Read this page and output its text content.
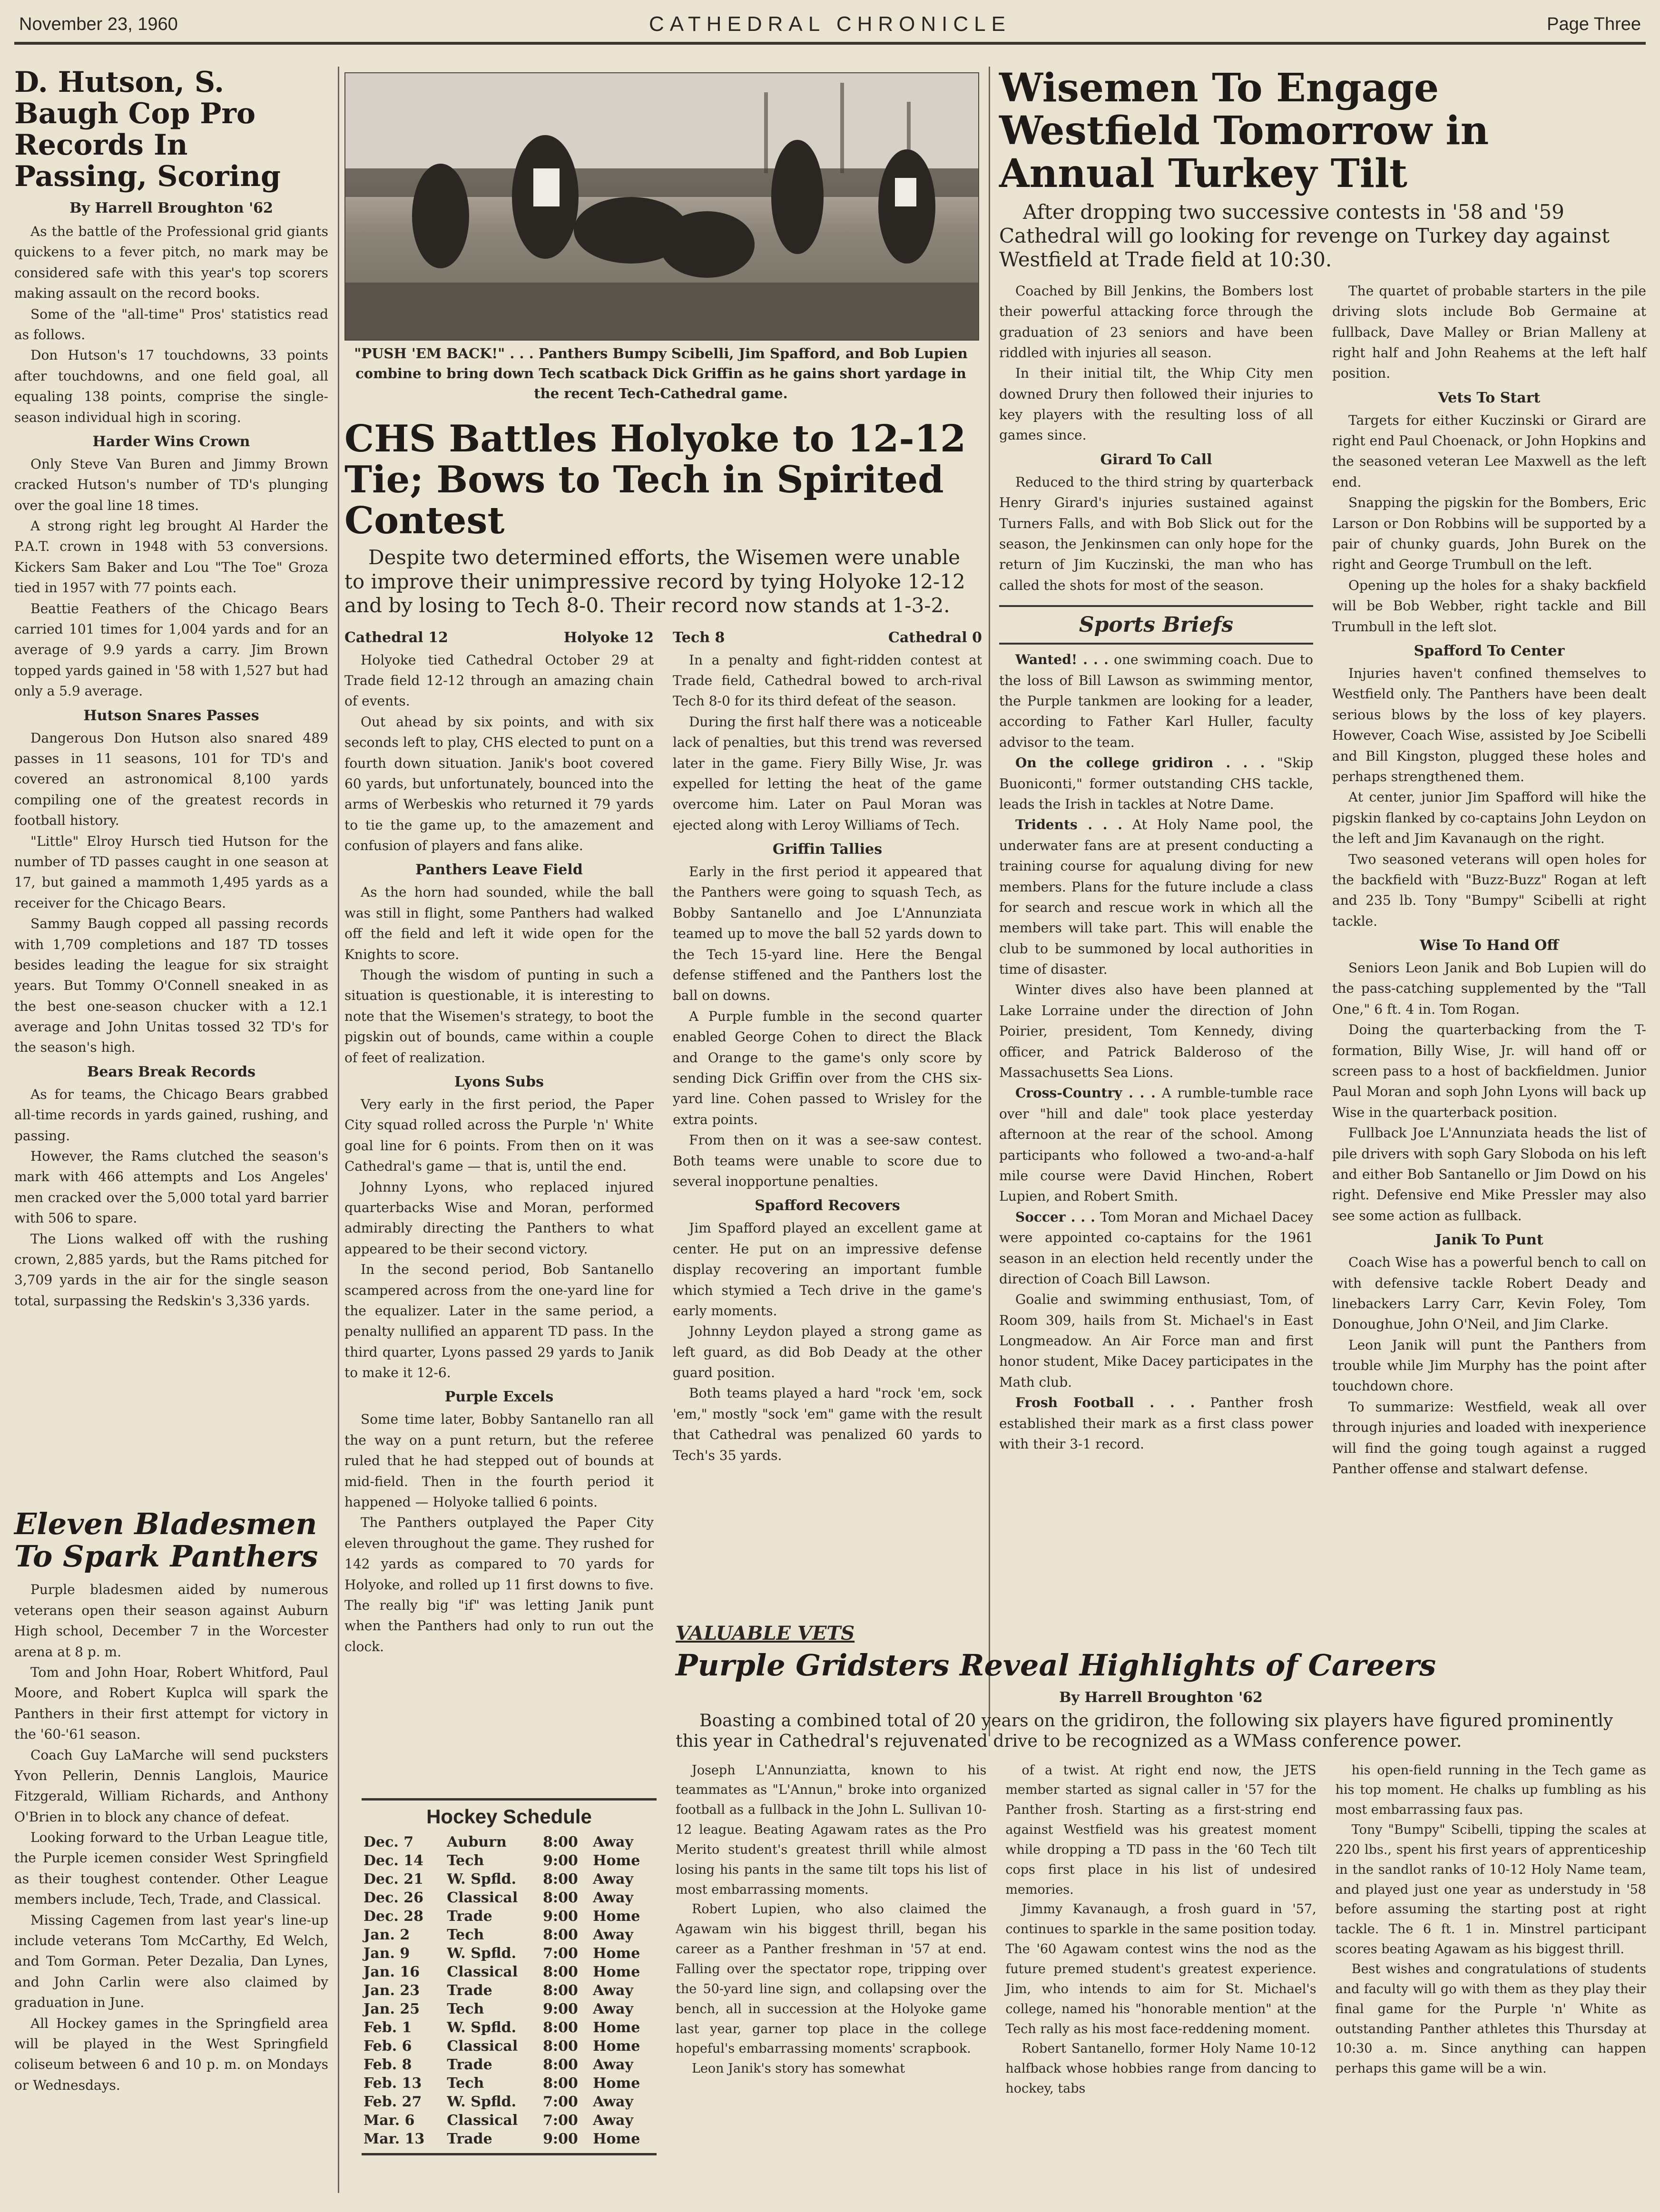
November 23, 1960	CATHEDRAL CHRONICLE	Page Three
D. Hutson, S. Baugh Cop Pro Records In Passing, Scoring
By Harrell Broughton '62

As the battle of the Professional grid giants quickens to a fever pitch, no mark may be considered safe with this year's top scorers making assault on the record books.

Some of the "all-time" Pros' statistics read as follows.

Don Hutson's 17 touchdowns, 33 points after touchdowns, and one field goal, all equaling 138 points, comprise the single-season individual high in scoring.

Harder Wins Crown

Only Steve Van Buren and Jimmy Brown cracked Hutson's number of TD's plunging over the goal line 18 times.

A strong right leg brought Al Harder the P.A.T. crown in 1948 with 53 conversions. Kickers Sam Baker and Lou "The Toe" Groza tied in 1957 with 77 points each.

Beattie Feathers of the Chicago Bears carried 101 times for 1,004 yards and for an average of 9.9 yards a carry. Jim Brown topped yards gained in '58 with 1,527 but had only a 5.9 average.

Hutson Snares Passes

Dangerous Don Hutson also snared 489 passes in 11 seasons, 101 for TD's and covered an astronomical 8,100 yards compiling one of the greatest records in football history.

"Little" Elroy Hursch tied Hutson for the number of TD passes caught in one season at 17, but gained a mammoth 1,495 yards as a receiver for the Chicago Bears.

Sammy Baugh copped all passing records with 1,709 completions and 187 TD tosses besides leading the league for six straight years. But Tommy O'Connell sneaked in as the best one-season chucker with a 12.1 average and John Unitas tossed 32 TD's for the season's high.

Bears Break Records

As for teams, the Chicago Bears grabbed all-time records in yards gained, rushing, and passing.

However, the Rams clutched the season's mark with 466 attempts and Los Angeles' men cracked over the 5,000 total yard barrier with 506 to spare.

The Lions walked off with the rushing crown, 2,885 yards, but the Rams pitched for 3,709 yards in the air for the single season total, surpassing the Redskin's 3,336 yards.

Eleven Bladesmen
To Spark Panthers

Purple bladesmen aided by numerous veterans open their season against Auburn High school, December 7 in the Worcester arena at 8 p. m.

Tom and John Hoar, Robert Whitford, Paul Moore, and Robert Kuplca will spark the Panthers in their first attempt for victory in the '60-'61 season.

Coach Guy LaMarche will send pucksters Yvon Pellerin, Dennis Langlois, Maurice Fitzgerald, William Richards, and Anthony O'Brien in to block any chance of defeat.

Looking forward to the Urban League title, the Purple icemen consider West Springfield as their toughest contender. Other League members include, Tech, Trade, and Classical.

Missing Cagemen from last year's line-up include veterans Tom McCarthy, Ed Welch, and Tom Gorman. Peter Dezalia, Dan Lynes, and John Carlin were also claimed by graduation in June.

All Hockey games in the Springfield area will be played in the West Springfield coliseum between 6 and 10 p. m. on Mondays or Wednesdays.

"PUSH 'EM BACK!" . . . Panthers Bumpy Scibelli, Jim Spafford, and Bob Lupien combine to bring down Tech scatback Dick Griffin as he gains short yardage in the recent Tech-Cathedral game.
CHS Battles Holyoke to 12-12 Tie; Bows to Tech in Spirited Contest
Despite two determined efforts, the Wisemen were unable to improve their unimpressive record by tying Holyoke 12-12 and by losing to Tech 8-0. Their record now stands at 1-3-2.
Cathedral 12	Holyoke 12

Holyoke tied Cathedral October 29 at Trade field 12-12 through an amazing chain of events.

Out ahead by six points, and with six seconds left to play, CHS elected to punt on a fourth down situation. Janik's boot covered 60 yards, but unfortunately, bounced into the arms of Werbeskis who returned it 79 yards to tie the game up, to the amazement and confusion of players and fans alike.

Panthers Leave Field

As the horn had sounded, while the ball was still in flight, some Panthers had walked off the field and left it wide open for the Knights to score.

Though the wisdom of punting in such a situation is questionable, it is interesting to note that the Wisemen's strategy, to boot the pigskin out of bounds, came within a couple of feet of realization.

Lyons Subs

Very early in the first period, the Paper City squad rolled across the Purple 'n' White goal line for 6 points. From then on it was Cathedral's game — that is, until the end.

Johnny Lyons, who replaced injured quarterbacks Wise and Moran, performed admirably directing the Panthers to what appeared to be their second victory.

In the second period, Bob Santanello scampered across from the one-yard line for the equalizer. Later in the same period, a penalty nullified an apparent TD pass. In the third quarter, Lyons passed 29 yards to Janik to make it 12-6.

Purple Excels

Some time later, Bobby Santanello ran all the way on a punt return, but the referee ruled that he had stepped out of bounds at mid-field. Then in the fourth period it happened — Holyoke tallied 6 points.

The Panthers outplayed the Paper City eleven throughout the game. They rushed for 142 yards as compared to 70 yards for Holyoke, and rolled up 11 first downs to five. The really big "if" was letting Janik punt when the Panthers had only to run out the clock.

Tech 8	Cathedral 0

In a penalty and fight-ridden contest at Trade field, Cathedral bowed to arch-rival Tech 8-0 for its third defeat of the season.

During the first half there was a noticeable lack of penalties, but this trend was reversed later in the game. Fiery Billy Wise, Jr. was expelled for letting the heat of the game overcome him. Later on Paul Moran was ejected along with Leroy Williams of Tech.

Griffin Tallies

Early in the first period it appeared that the Panthers were going to squash Tech, as Bobby Santanello and Joe L'Annunziata teamed up to move the ball 52 yards down to the Tech 15-yard line. Here the Bengal defense stiffened and the Panthers lost the ball on downs.

A Purple fumble in the second quarter enabled George Cohen to direct the Black and Orange to the game's only score by sending Dick Griffin over from the CHS six-yard line. Cohen passed to Wrisley for the extra points.

From then on it was a see-saw contest. Both teams were unable to score due to several inopportune penalties.

Spafford Recovers

Jim Spafford played an excellent game at center. He put on an impressive defense display recovering an important fumble which stymied a Tech drive in the game's early moments.

Johnny Leydon played a strong game as left guard, as did Bob Deady at the other guard position.

Both teams played a hard "rock 'em, sock 'em," mostly "sock 'em" game with the result that Cathedral was penalized 60 yards to Tech's 35 yards.

Hockey Schedule
Dec. 7	Auburn	8:00	Away
Dec. 14	Tech	9:00	Home
Dec. 21	W. Spfld.	8:00	Away
Dec. 26	Classical	8:00	Away
Dec. 28	Trade	9:00	Home
Jan. 2	Tech	8:00	Away
Jan. 9	W. Spfld.	7:00	Home
Jan. 16	Classical	8:00	Home
Jan. 23	Trade	8:00	Away
Jan. 25	Tech	9:00	Away
Feb. 1	W. Spfld.	8:00	Home
Feb. 6	Classical	8:00	Home
Feb. 8	Trade	8:00	Away
Feb. 13	Tech	8:00	Home
Feb. 27	W. Spfld.	7:00	Away
Mar. 6	Classical	7:00	Away
Mar. 13	Trade	9:00	Home
VALUABLE VETS
Purple Gridsters Reveal Highlights of Careers
By Harrell Broughton '62
Boasting a combined total of 20 years on the gridiron, the following six players have figured prominently this year in Cathedral's rejuvenated drive to be recognized as a WMass conference power.

Joseph L'Annunziatta, known to his teammates as "L'Annun," broke into organized football as a fullback in the John L. Sullivan 10-12 league. Beating Agawam rates as the Pro Merito student's greatest thrill while almost losing his pants in the same tilt tops his list of most embarrassing moments.

Robert Lupien, who also claimed the Agawam win his biggest thrill, began his career as a Panther freshman in '57 at end. Falling over the spectator rope, tripping over the 50-yard line sign, and collapsing over the bench, all in succession at the Holyoke game last year, garner top place in the college hopeful's embarrassing moments' scrapbook.

Leon Janik's story has somewhat

of a twist. At right end now, the JETS member started as signal caller in '57 for the Panther frosh. Starting as a first-string end against Westfield was his greatest moment while dropping a TD pass in the '60 Tech tilt cops first place in his list of undesired memories.

Jimmy Kavanaugh, a frosh guard in '57, continues to sparkle in the same position today. The '60 Agawam contest wins the nod as the future premed student's greatest experience. Jim, who intends to aim for St. Michael's college, named his "honorable mention" at the Tech rally as his most face-reddening moment.

Robert Santanello, former Holy Name 10-12 halfback whose hobbies range from dancing to hockey, tabs

his open-field running in the Tech game as his top moment. He chalks up fumbling as his most embarrassing faux pas.

Tony "Bumpy" Scibelli, tipping the scales at 220 lbs., spent his first years of apprenticeship in the sandlot ranks of 10-12 Holy Name team, and played just one year as understudy in '58 before assuming the starting post at right tackle. The 6 ft. 1 in. Minstrel participant scores beating Agawam as his biggest thrill.

Best wishes and congratulations of students and faculty will go with them as they play their final game for the Purple 'n' White as outstanding Panther athletes this Thursday at 10:30 a. m. Since anything can happen perhaps this game will be a win.

Wisemen To Engage Westfield Tomorrow in Annual Turkey Tilt
After dropping two successive contests in '58 and '59 Cathedral will go looking for revenge on Turkey day against Westfield at Trade field at 10:30.

Coached by Bill Jenkins, the Bombers lost their powerful attacking force through the graduation of 23 seniors and have been riddled with injuries all season.

In their initial tilt, the Whip City men downed Drury then followed their injuries to key players with the resulting loss of all games since.

Girard To Call

Reduced to the third string by quarterback Henry Girard's injuries sustained against Turners Falls, and with Bob Slick out for the season, the Jenkinsmen can only hope for the return of Jim Kuczinski, the man who has called the shots for most of the season.

Sports Briefs

Wanted! . . . one swimming coach. Due to the loss of Bill Lawson as swimming mentor, the Purple tankmen are looking for a leader, according to Father Karl Huller, faculty advisor to the team.

On the college gridiron . . . "Skip Buoniconti," former outstanding CHS tackle, leads the Irish in tackles at Notre Dame.

Tridents . . . At Holy Name pool, the underwater fans are at present conducting a training course for aqualung diving for new members. Plans for the future include a class for search and rescue work in which all the members will take part. This will enable the club to be summoned by local authorities in time of disaster.

Winter dives also have been planned at Lake Lorraine under the direction of John Poirier, president, Tom Kennedy, diving officer, and Patrick Balderoso of the Massachusetts Sea Lions.

Cross-Country . . . A rumble-tumble race over "hill and dale" took place yesterday afternoon at the rear of the school. Among participants who followed a two-and-a-half mile course were David Hinchen, Robert Lupien, and Robert Smith.

Soccer . . . Tom Moran and Michael Dacey were appointed co-captains for the 1961 season in an election held recently under the direction of Coach Bill Lawson.

Goalie and swimming enthusiast, Tom, of Room 309, hails from St. Michael's in East Longmeadow. An Air Force man and first honor student, Mike Dacey participates in the Math club.

Frosh Football . . . Panther frosh established their mark as a first class power with their 3-1 record.

The quartet of probable starters in the pile driving slots include Bob Germaine at fullback, Dave Malley or Brian Malleny at right half and John Reahems at the left half position.

Vets To Start

Targets for either Kuczinski or Girard are right end Paul Choenack, or John Hopkins and the seasoned veteran Lee Maxwell as the left end.

Snapping the pigskin for the Bombers, Eric Larson or Don Robbins will be supported by a pair of chunky guards, John Burek on the right and George Trumbull on the left.

Opening up the holes for a shaky backfield will be Bob Webber, right tackle and Bill Trumbull in the left slot.

Spafford To Center

Injuries haven't confined themselves to Westfield only. The Panthers have been dealt serious blows by the loss of key players. However, Coach Wise, assisted by Joe Scibelli and Bill Kingston, plugged these holes and perhaps strengthened them.

At center, junior Jim Spafford will hike the pigskin flanked by co-captains John Leydon on the left and Jim Kavanaugh on the right.

Two seasoned veterans will open holes for the backfield with "Buzz-Buzz" Rogan at left and 235 lb. Tony "Bumpy" Scibelli at right tackle.

Wise To Hand Off

Seniors Leon Janik and Bob Lupien will do the pass-catching supplemented by the "Tall One," 6 ft. 4 in. Tom Rogan.

Doing the quarterbacking from the T-formation, Billy Wise, Jr. will hand off or screen pass to a host of backfieldmen. Junior Paul Moran and soph John Lyons will back up Wise in the quarterback position.

Fullback Joe L'Annunziata heads the list of pile drivers with soph Gary Sloboda on his left and either Bob Santanello or Jim Dowd on his right. Defensive end Mike Pressler may also see some action as fullback.

Janik To Punt

Coach Wise has a powerful bench to call on with defensive tackle Robert Deady and linebackers Larry Carr, Kevin Foley, Tom Donoughue, John O'Neil, and Jim Clarke.

Leon Janik will punt the Panthers from trouble while Jim Murphy has the point after touchdown chore.

To summarize: Westfield, weak all over through injuries and loaded with inexperience will find the going tough against a rugged Panther offense and stalwart defense.
